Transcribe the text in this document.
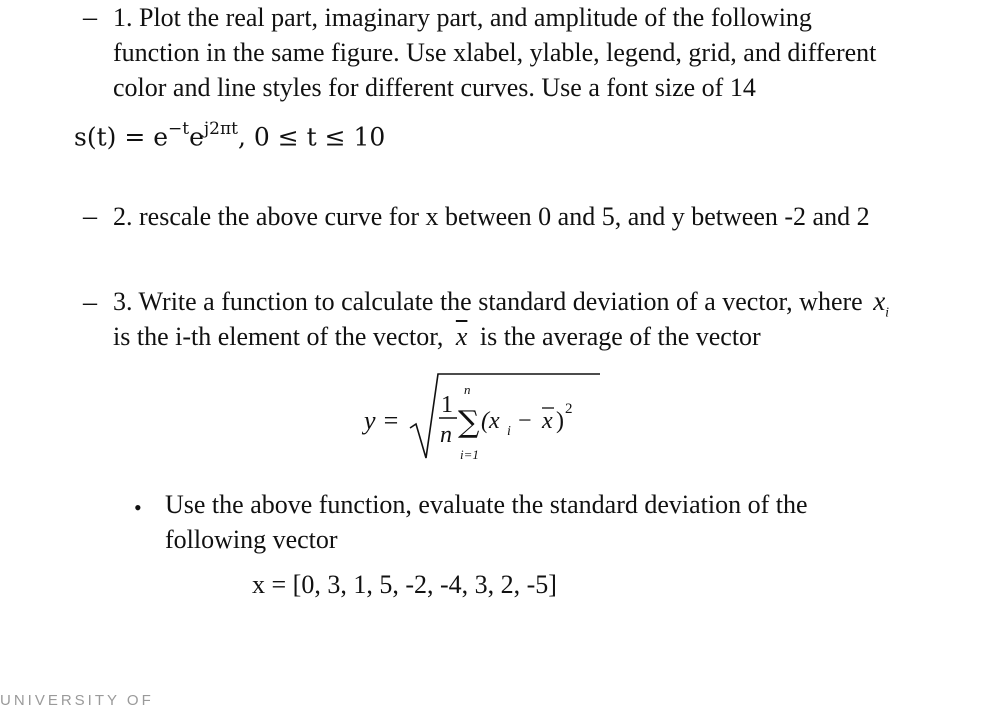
– 1. Plot the real part, imaginary part, and amplitude of the following
function in the same figure. Use xlabel, ylable, legend, grid, and different
color and line styles for different curves. Use a font size of 14
$s(t) = e^{-t}e^{j2\pi t}$, 0 ≤ t ≤ 10
– 2. rescale the above curve for x between 0 and 5, and y between -2 and 2
– 3. Write a function to calculate the standard deviation of a vector, where $x_i$
is the i-th element of the vector, $\overline{x}$ is the average of the vector
y =
1
n
n
∑
i=1
(x i − x ) 2
• Use the above function, evaluate the standard deviation of the
following vector
x = [0, 3, 1, 5, -2, -4, 3, 2, -5]
UNIVERSITY OF
